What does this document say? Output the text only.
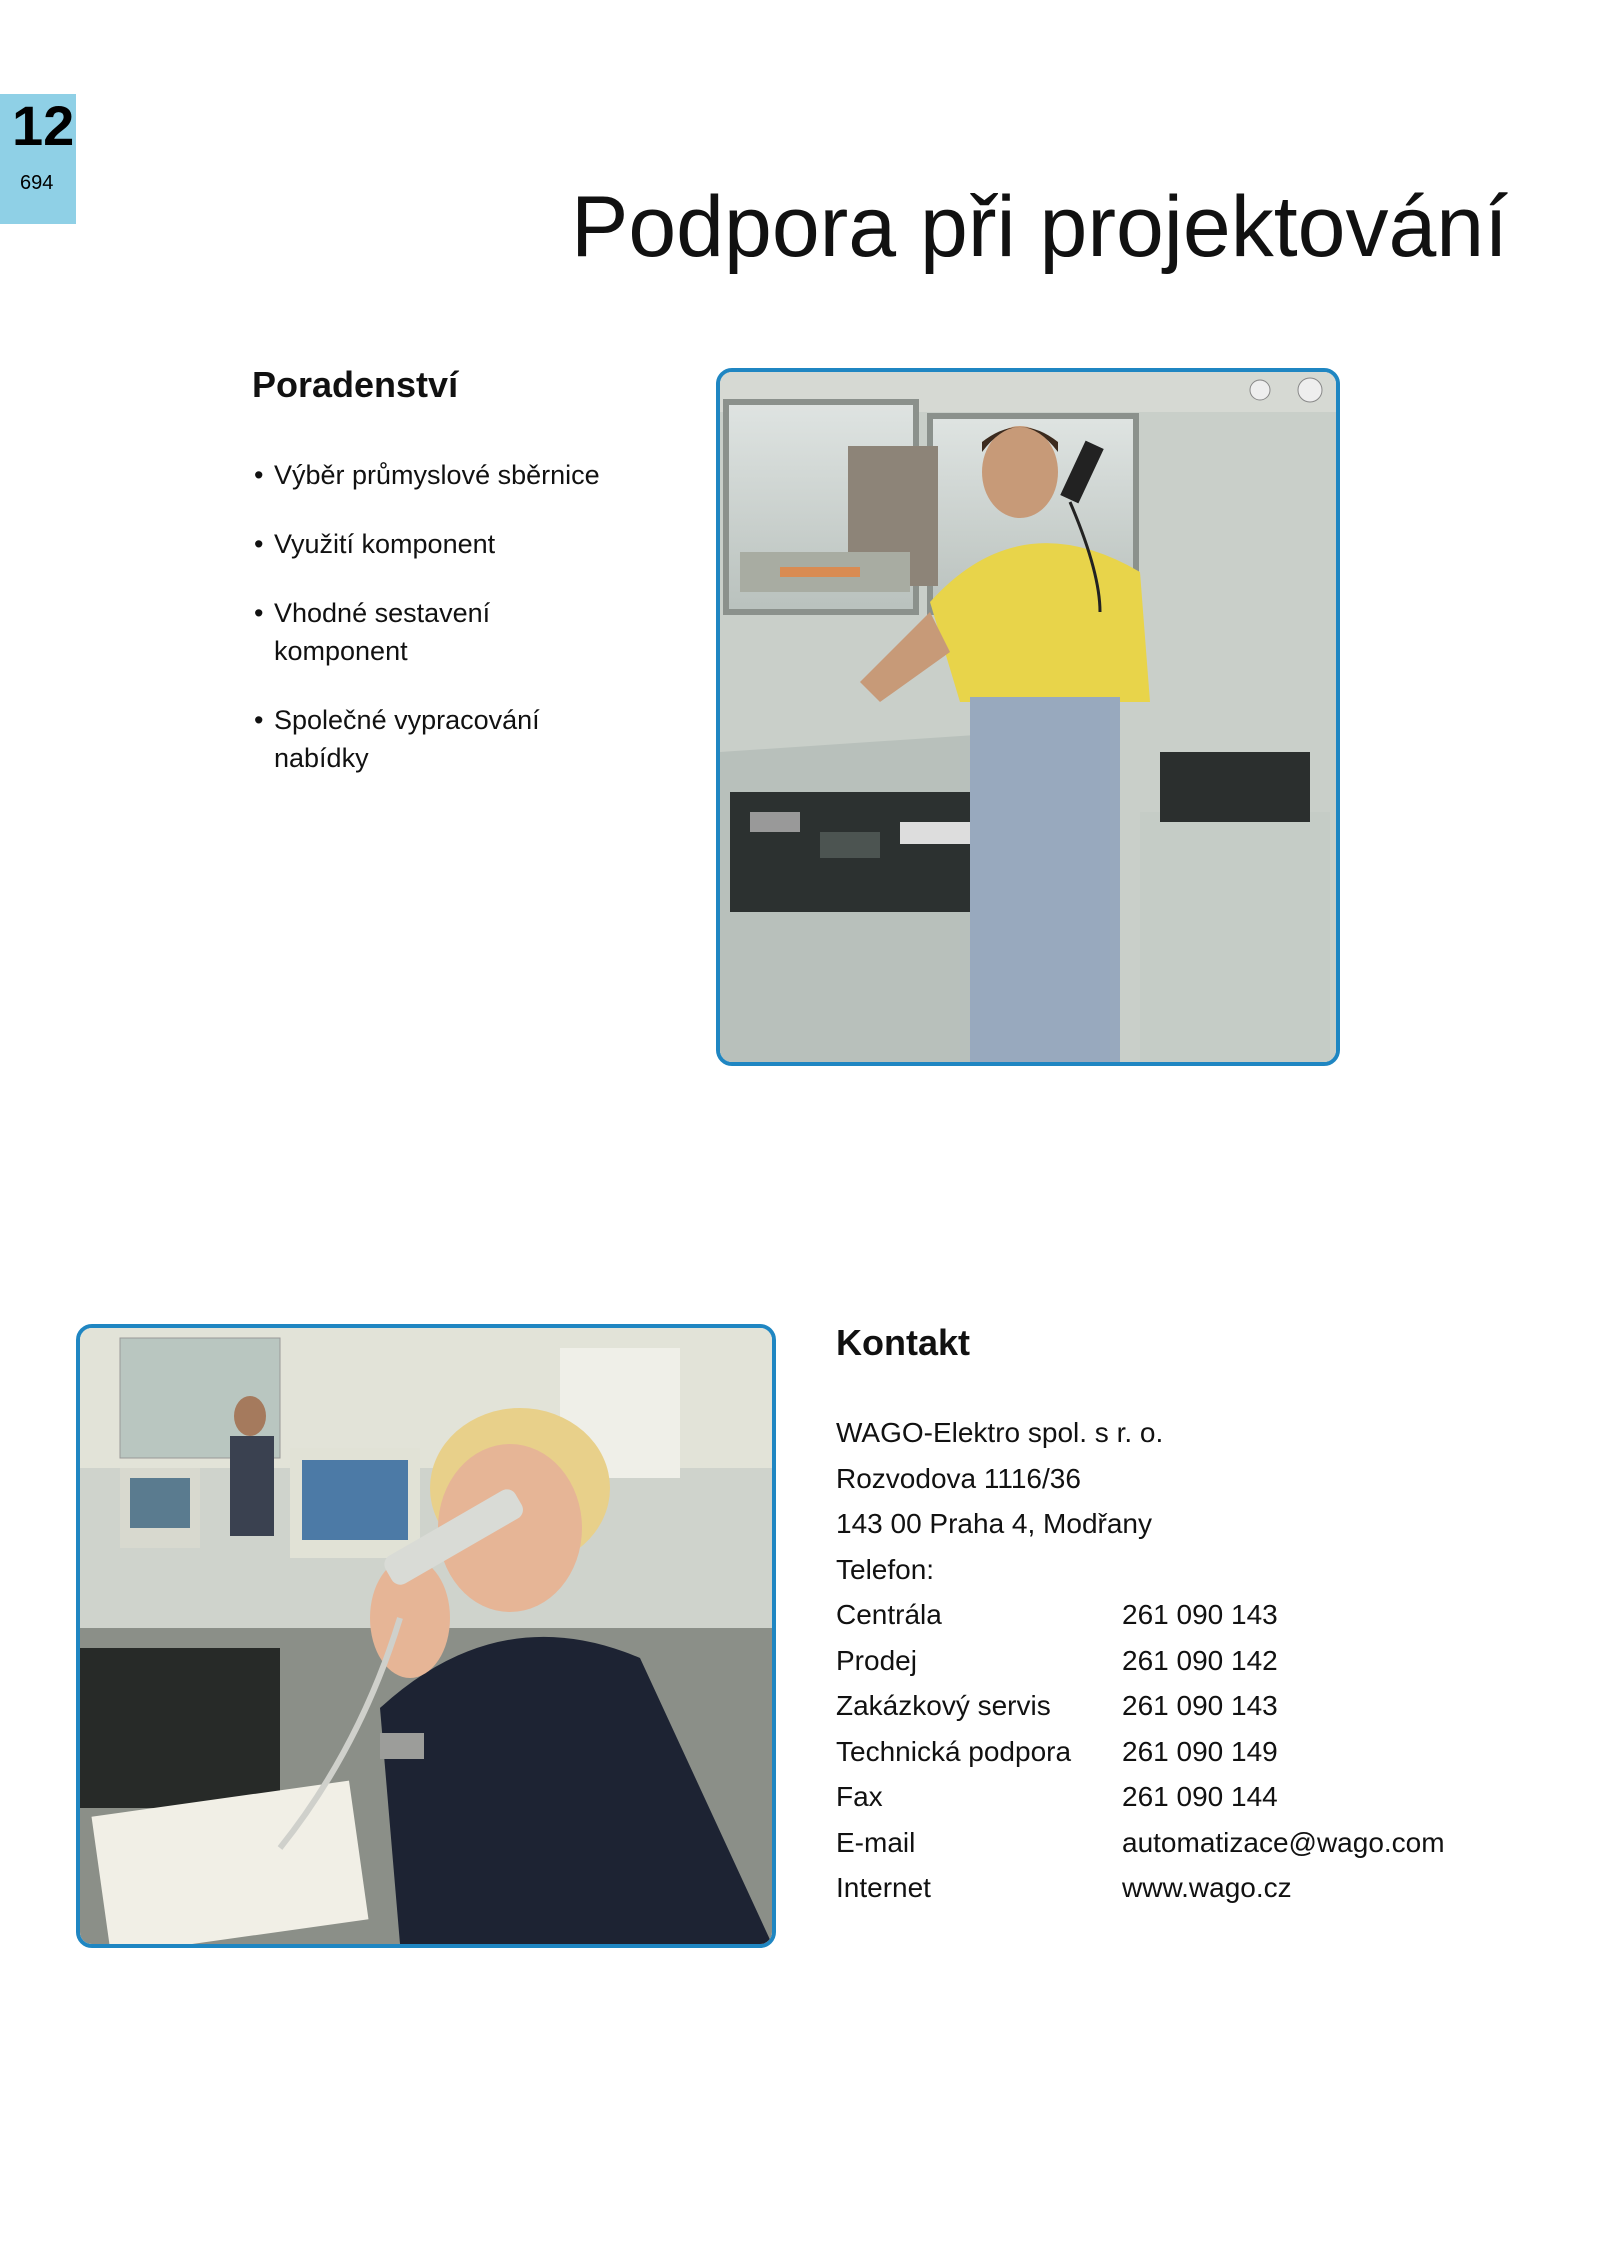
12
694	Podpora při projektování
Poradenství
• Výběr průmyslové sběrnice
• Využití komponent
• Vhodné sestavení komponent
• Společné vypracování nabídky
Kontakt
WAGO-Elektro spol. s r. o.
Rozvodova 1116/36
143 00 Praha 4, Modřany
Telefon:
Centrála	261 090 143
Prodej	261 090 142
Zakázkový servis	261 090 143
Technická podpora	261 090 149
Fax	261 090 144
E-mail	automatizace@wago.com
Internet	www.wago.cz
